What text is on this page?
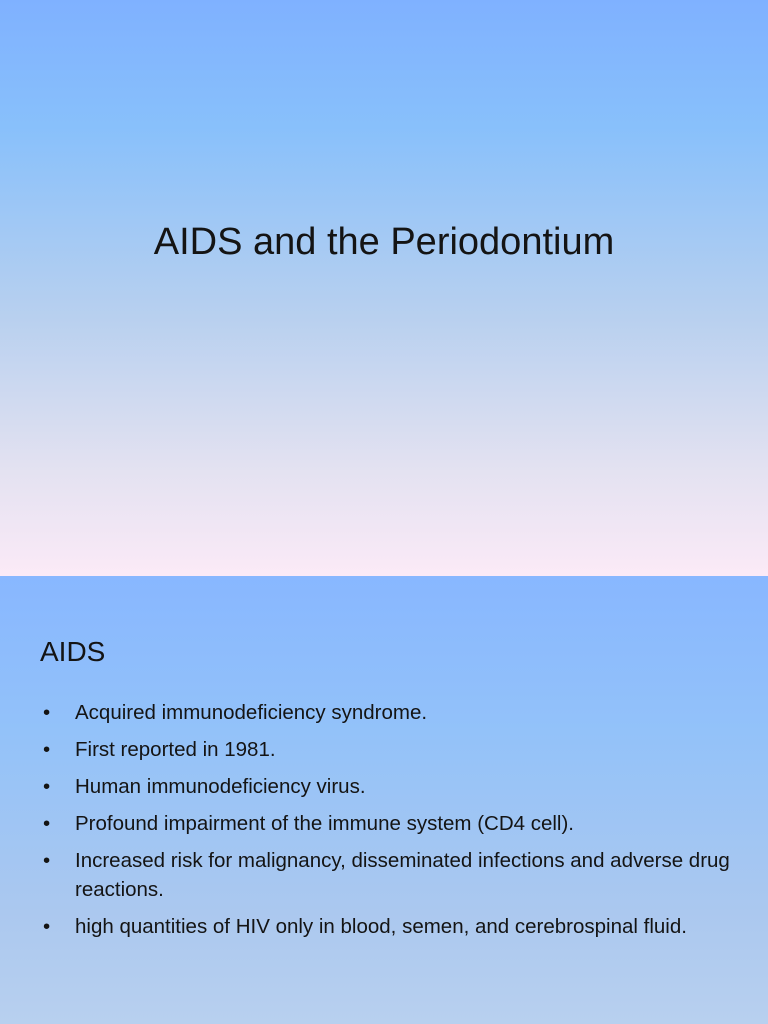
AIDS and the Periodontium
AIDS
• Acquired immunodeficiency syndrome.
• First reported in 1981.
• Human immunodeficiency virus.
• Profound impairment of the immune system (CD4 cell).
• Increased risk for malignancy, disseminated infections and adverse drug reactions.
• high quantities of HIV only in blood, semen, and cerebrospinal fluid.
